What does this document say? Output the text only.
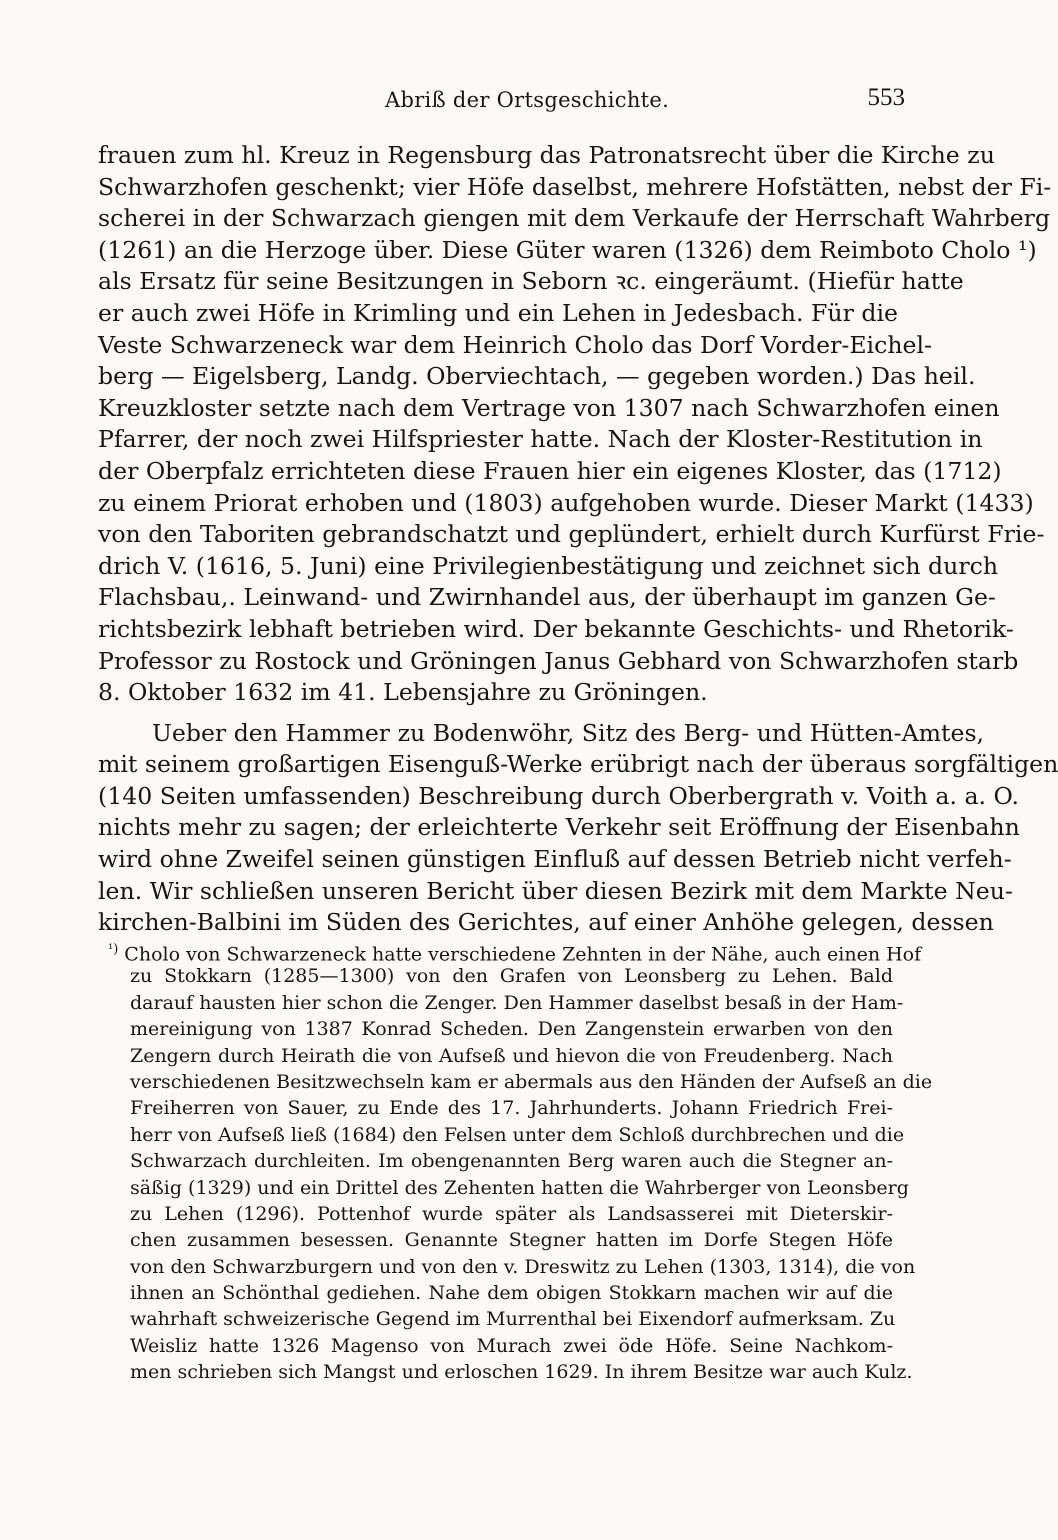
Abriß der Ortsgeschichte.	553
frauen zum hl. Kreuz in Regensburg das Patronatsrecht über die Kirche zu
Schwarzhofen geschenkt; vier Höfe daselbst, mehrere Hofstätten, nebst der Fi-
scherei in der Schwarzach giengen mit dem Verkaufe der Herrschaft Wahrberg
(1261) an die Herzoge über. Diese Güter waren (1326) dem Reimboto Cholo ¹)
als Ersatz für seine Besitzungen in Seborn ꝛc. eingeräumt. (Hiefür hatte
er auch zwei Höfe in Krimling und ein Lehen in Jedesbach. Für die
Veste Schwarzeneck war dem Heinrich Cholo das Dorf Vorder-Eichel-
berg — Eigelsberg, Landg. Oberviechtach, — gegeben worden.) Das heil.
Kreuzkloster setzte nach dem Vertrage von 1307 nach Schwarzhofen einen
Pfarrer, der noch zwei Hilfspriester hatte. Nach der Kloster-Restitution in
der Oberpfalz errichteten diese Frauen hier ein eigenes Kloster, das (1712)
zu einem Priorat erhoben und (1803) aufgehoben wurde. Dieser Markt (1433)
von den Taboriten gebrandschatzt und geplündert, erhielt durch Kurfürst Frie-
drich V. (1616, 5. Juni) eine Privilegienbestätigung und zeichnet sich durch
Flachsbau,. Leinwand- und Zwirnhandel aus, der überhaupt im ganzen Ge-
richtsbezirk lebhaft betrieben wird. Der bekannte Geschichts- und Rhetorik-
Professor zu Rostock und Gröningen Janus Gebhard von Schwarzhofen starb
8. Oktober 1632 im 41. Lebensjahre zu Gröningen.
Ueber den Hammer zu Bodenwöhr, Sitz des Berg- und Hütten-Amtes,
mit seinem großartigen Eisenguß-Werke erübrigt nach der überaus sorgfältigen
(140 Seiten umfassenden) Beschreibung durch Oberbergrath v. Voith a. a. O.
nichts mehr zu sagen; der erleichterte Verkehr seit Eröffnung der Eisenbahn
wird ohne Zweifel seinen günstigen Einfluß auf dessen Betrieb nicht verfeh-
len. Wir schließen unseren Bericht über diesen Bezirk mit dem Markte Neu-
kirchen-Balbini im Süden des Gerichtes, auf einer Anhöhe gelegen, dessen
$^{^1)}$ Cholo von Schwarzeneck hatte verschiedene Zehnten in der Nähe, auch einen Hof
zu Stokkarn (1285—1300) von den Grafen von Leonsberg zu Lehen. Bald
darauf hausten hier schon die Zenger. Den Hammer daselbst besaß in der Ham-
mereinigung von 1387 Konrad Scheden. Den Zangenstein erwarben von den
Zengern durch Heirath die von Aufseß und hievon die von Freudenberg. Nach
verschiedenen Besitzwechseln kam er abermals aus den Händen der Aufseß an die
Freiherren von Sauer, zu Ende des 17. Jahrhunderts. Johann Friedrich Frei-
herr von Aufseß ließ (1684) den Felsen unter dem Schloß durchbrechen und die
Schwarzach durchleiten. Im obengenannten Berg waren auch die Stegner an-
säßig (1329) und ein Drittel des Zehenten hatten die Wahrberger von Leonsberg
zu Lehen (1296). Pottenhof wurde später als Landsasserei mit Dieterskir-
chen zusammen besessen. Genannte Stegner hatten im Dorfe Stegen Höfe
von den Schwarzburgern und von den v. Dreswitz zu Lehen (1303, 1314), die von
ihnen an Schönthal gediehen. Nahe dem obigen Stokkarn machen wir auf die
wahrhaft schweizerische Gegend im Murrenthal bei Eixendorf aufmerksam. Zu
Weisliz hatte 1326 Magenso von Murach zwei öde Höfe. Seine Nachkom-
men schrieben sich Mangst und erloschen 1629. In ihrem Besitze war auch Kulz.
